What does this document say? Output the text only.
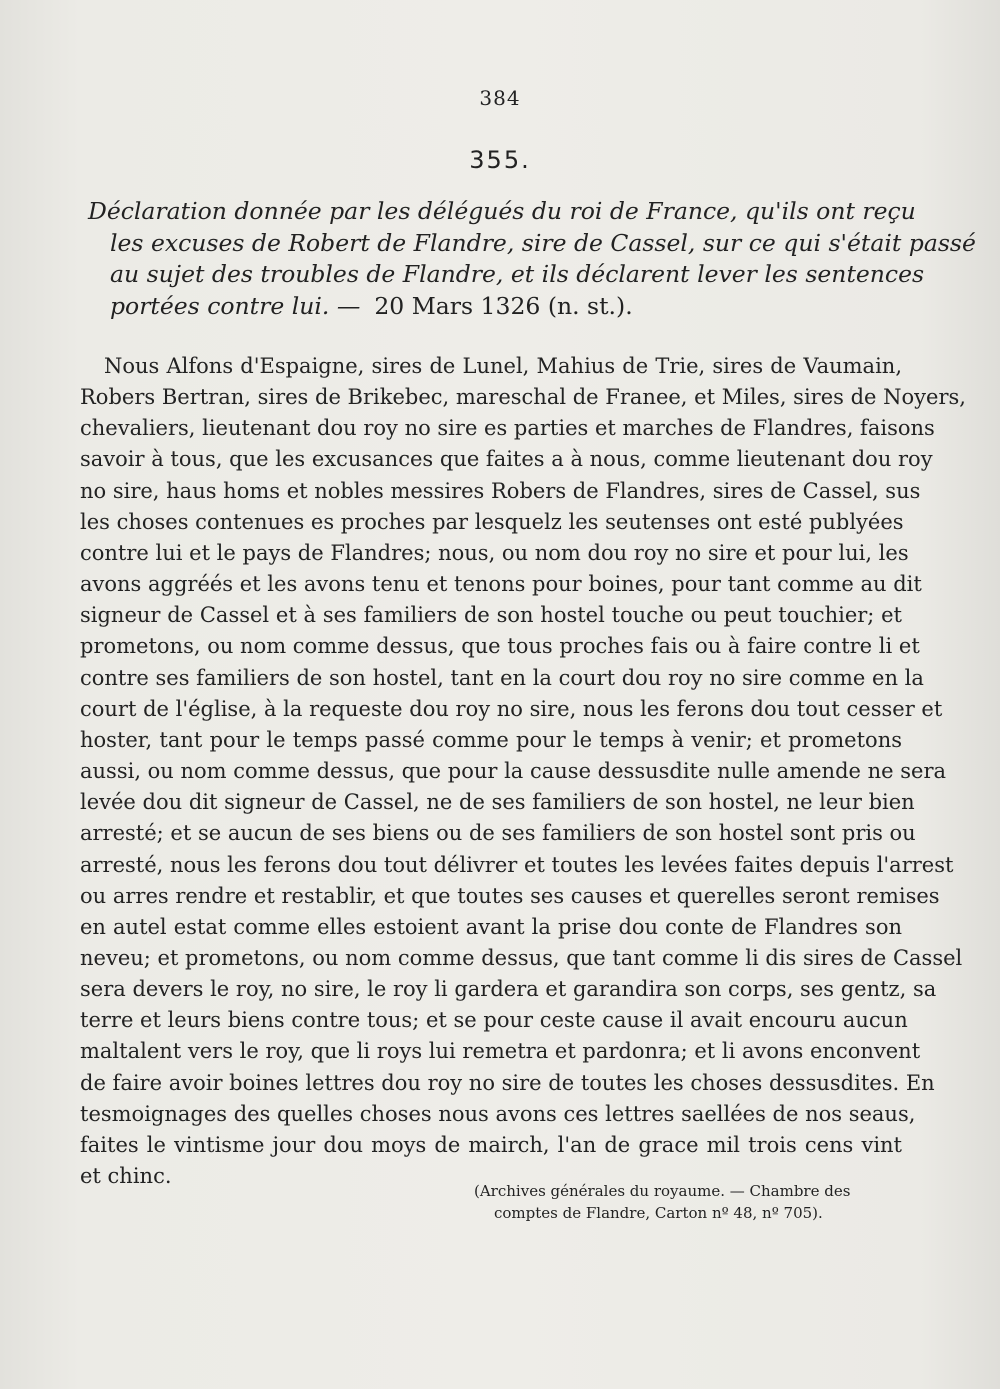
384
355.
Déclaration donnée par les délégués du roi de France, qu'ils ont reçu
les excuses de Robert de Flandre, sire de Cassel, sur ce qui s'était passé
au sujet des troubles de Flandre, et ils déclarent lever les sentences
portées contre lui. — 20 Mars 1326 (n. st.).
Nous Alfons d'Espaigne, sires de Lunel, Mahius de Trie, sires de Vaumain,
Robers Bertran, sires de Brikebec, mareschal de Franee, et Miles, sires de Noyers,
chevaliers, lieutenant dou roy no sire es parties et marches de Flandres, faisons
savoir à tous, que les excusances que faites a à nous, comme lieutenant dou roy
no sire, haus homs et nobles messires Robers de Flandres, sires de Cassel, sus
les choses contenues es proches par lesquelz les seutenses ont esté publyées
contre lui et le pays de Flandres; nous, ou nom dou roy no sire et pour lui, les
avons aggréés et les avons tenu et tenons pour boines, pour tant comme au dit
signeur de Cassel et à ses familiers de son hostel touche ou peut touchier; et
prometons, ou nom comme dessus, que tous proches fais ou à faire contre li et
contre ses familiers de son hostel, tant en la court dou roy no sire comme en la
court de l'église, à la requeste dou roy no sire, nous les ferons dou tout cesser et
hoster, tant pour le temps passé comme pour le temps à venir; et prometons
aussi, ou nom comme dessus, que pour la cause dessusdite nulle amende ne sera
levée dou dit signeur de Cassel, ne de ses familiers de son hostel, ne leur bien
arresté; et se aucun de ses biens ou de ses familiers de son hostel sont pris ou
arresté, nous les ferons dou tout délivrer et toutes les levées faites depuis l'arrest
ou arres rendre et restablir, et que toutes ses causes et querelles seront remises
en autel estat comme elles estoient avant la prise dou conte de Flandres son
neveu; et prometons, ou nom comme dessus, que tant comme li dis sires de Cassel
sera devers le roy, no sire, le roy li gardera et garandira son corps, ses gentz, sa
terre et leurs biens contre tous; et se pour ceste cause il avait encouru aucun
maltalent vers le roy, que li roys lui remetra et pardonra; et li avons enconvent
de faire avoir boines lettres dou roy no sire de toutes les choses dessusdites. En
tesmoignages des quelles choses nous avons ces lettres saellées de nos seaus,
faites le vintisme jour dou moys de mairch, l'an de grace mil trois cens vint
et chinc.
(Archives générales du royaume. — Chambre des
comptes de Flandre, Carton nº 48, nº 705).
